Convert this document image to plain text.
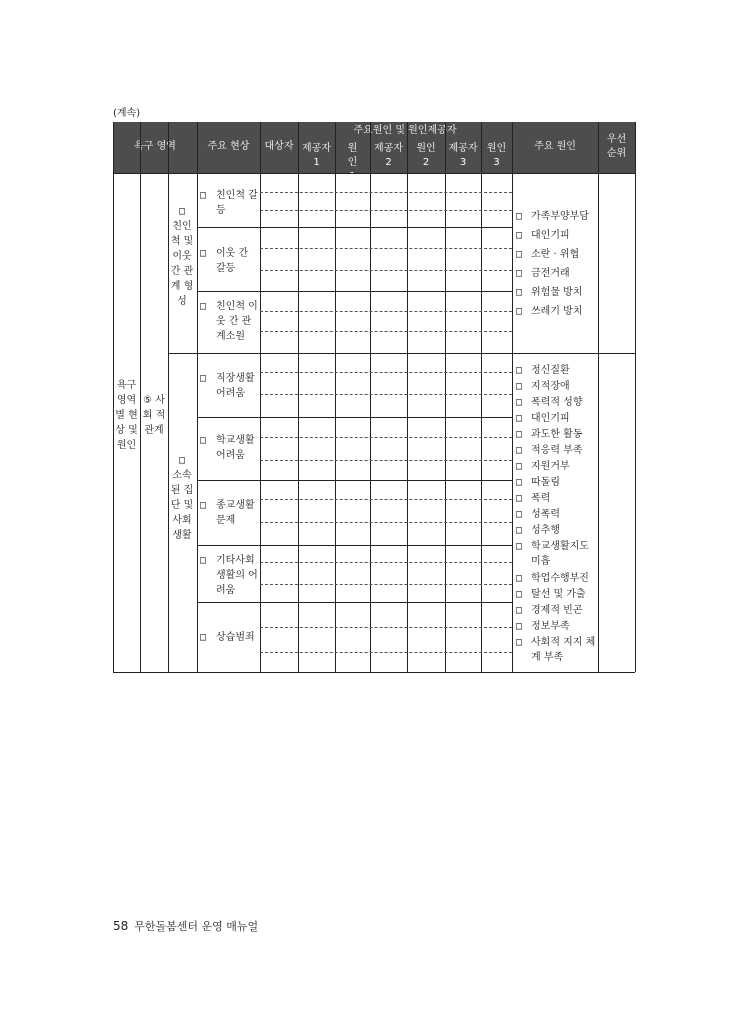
(계속)
욕구 영역	주요 현상	대상자
주요원인 및 원인제공자
제공자 1
원인 1
제공자 2
원인 2
제공자 3
원인 3
주요 원인
우선 순위
욕구 영역 별 현상 및 원인
⑤ 사회 적 관계
□
친인 척 및 이웃 간 관계 형성
□
소속 된 집단 및 사회 생활
□ 친인척 갈등
□ 이웃 간 갈등
□ 친인척 이웃 간 관계소원
□ 직장생활 어려움
□ 학교생활 어려움
□ 종교생활 문제
□ 기타사회 생활의 어려움
□ 상습범죄
□ 가족부양부담
□ 대인기피
□ 소란 · 위협
□ 금전거래
□ 위험물 방치
□ 쓰레기 방치
□ 정신질환
□ 지적장애
□ 폭력적 성향
□ 대인기피
□ 과도한 활동
□ 적응력 부족
□ 지원거부
□ 따돌림
□ 폭력
□ 성폭력
□ 성추행
□ 학교생활지도 미흡
□ 학업수행부진
□ 탈선 및 가출
□ 경제적 빈곤
□ 정보부족
□ 사회적 지지 체계 부족
58 무한돌봄센터 운영 매뉴얼
